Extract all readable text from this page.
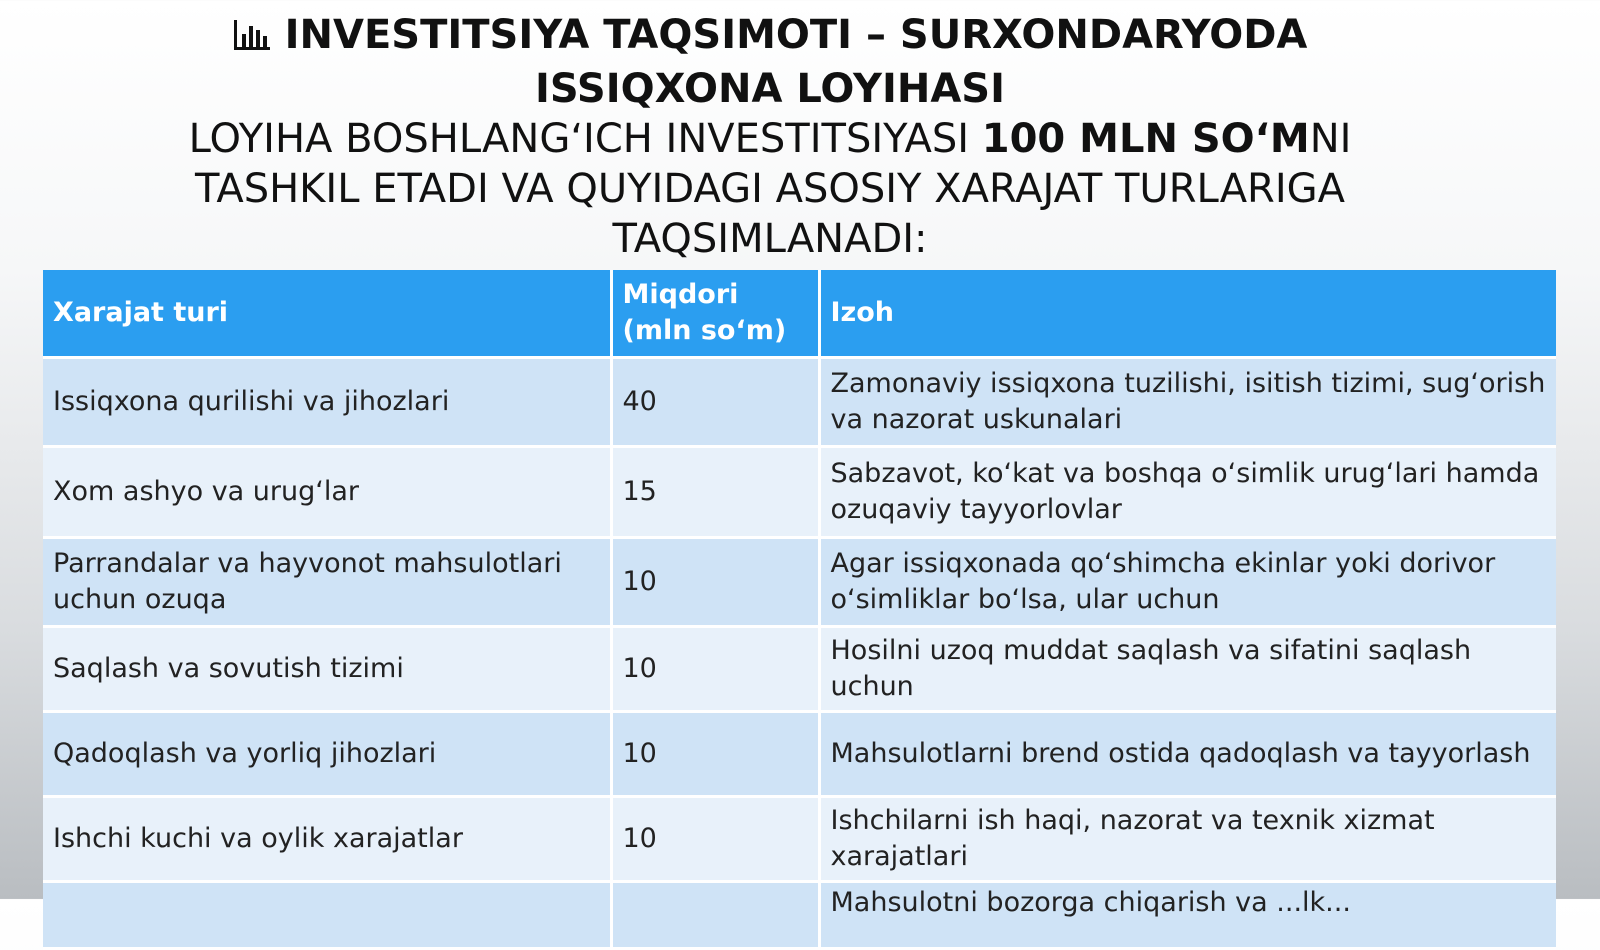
INVESTITSIYA TAQSIMOTI – SURXONDARYODA

ISSIQXONA LOYIHASI

LOYIHA BOSHLANG‘ICH INVESTITSIYASI 100 MLN SO‘MNI

TASHKIL ETADI VA QUYIDAGI ASOSIY XARAJAT TURLARIGA

TAQSIMLANADI:

Xarajat turi	Miqdori (mln so‘m)	Izoh
Issiqxona qurilishi va jihozlari	40	Zamonaviy issiqxona tuzilishi, isitish tizimi, sug‘orish va nazorat uskunalari
Xom ashyo va urug‘lar	15	Sabzavot, ko‘kat va boshqa o‘simlik urug‘lari hamda ozuqaviy tayyorlovlar
Parrandalar va hayvonot mahsulotlari uchun ozuqa	10	Agar issiqxonada qo‘shimcha ekinlar yoki dorivor o‘simliklar bo‘lsa, ular uchun
Saqlash va sovutish tizimi	10	Hosilni uzoq muddat saqlash va sifatini saqlash uchun
Qadoqlash va yorliq jihozlari	10	Mahsulotlarni brend ostida qadoqlash va tayyorlash
Ishchi kuchi va oylik xarajatlar	10	Ishchilarni ish haqi, nazorat va texnik xizmat xarajatlari
		Mahsulotni bozorga chiqarish va ...lk...
